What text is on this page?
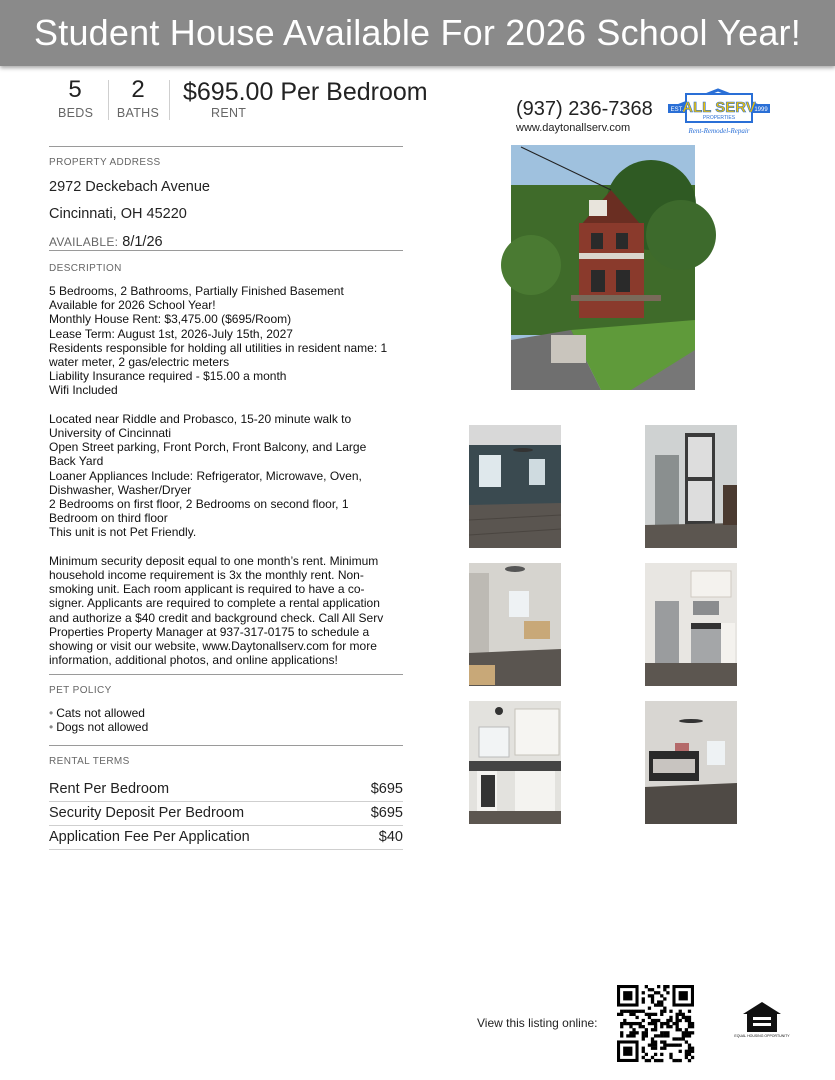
Student House Available For 2026 School Year!
5
BEDS
2
BATHS
$695.00 Per Bedroom
RENT	(937) 236-7368
www.daytonallserv.com
EST.	1999
ALL SERV
PROPERTIES
Rent-Remodel-Repair
PROPERTY ADDRESS
2972 Deckebach Avenue
Cincinnati, OH 45220
AVAILABLE: 8/1/26
DESCRIPTION

5 Bedrooms, 2 Bathrooms, Partially Finished Basement
Available for 2026 School Year!
Monthly House Rent: $3,475.00 ($695/Room)
Lease Term: August 1st, 2026-July 15th, 2027
Residents responsible for holding all utilities in resident name: 1
water meter, 2 gas/electric meters
Liability Insurance required - $15.00 a month
Wifi Included

Located near Riddle and Probasco, 15-20 minute walk to
University of Cincinnati
Open Street parking, Front Porch, Front Balcony, and Large
Back Yard
Loaner Appliances Include: Refrigerator, Microwave, Oven,
Dishwasher, Washer/Dryer
2 Bedrooms on first floor, 2 Bedrooms on second floor, 1
Bedroom on third floor
This unit is not Pet Friendly.

Minimum security deposit equal to one month’s rent. Minimum
household income requirement is 3x the monthly rent. Non-
smoking unit. Each room applicant is required to have a co-
signer. Applicants are required to complete a rental application
and authorize a $40 credit and background check. Call All Serv
Properties Property Manager at 937-317-0175 to schedule a
showing or visit our website, www.Daytonallserv.com for more
information, additional photos, and online applications!

PET POLICY
• Cats not allowed
• Dogs not allowed
RENTAL TERMS
Rent Per Bedroom	$695
Security Deposit Per Bedroom	$695
Application Fee Per Application	$40
View this listing online:
EQUAL HOUSING OPPORTUNITY
